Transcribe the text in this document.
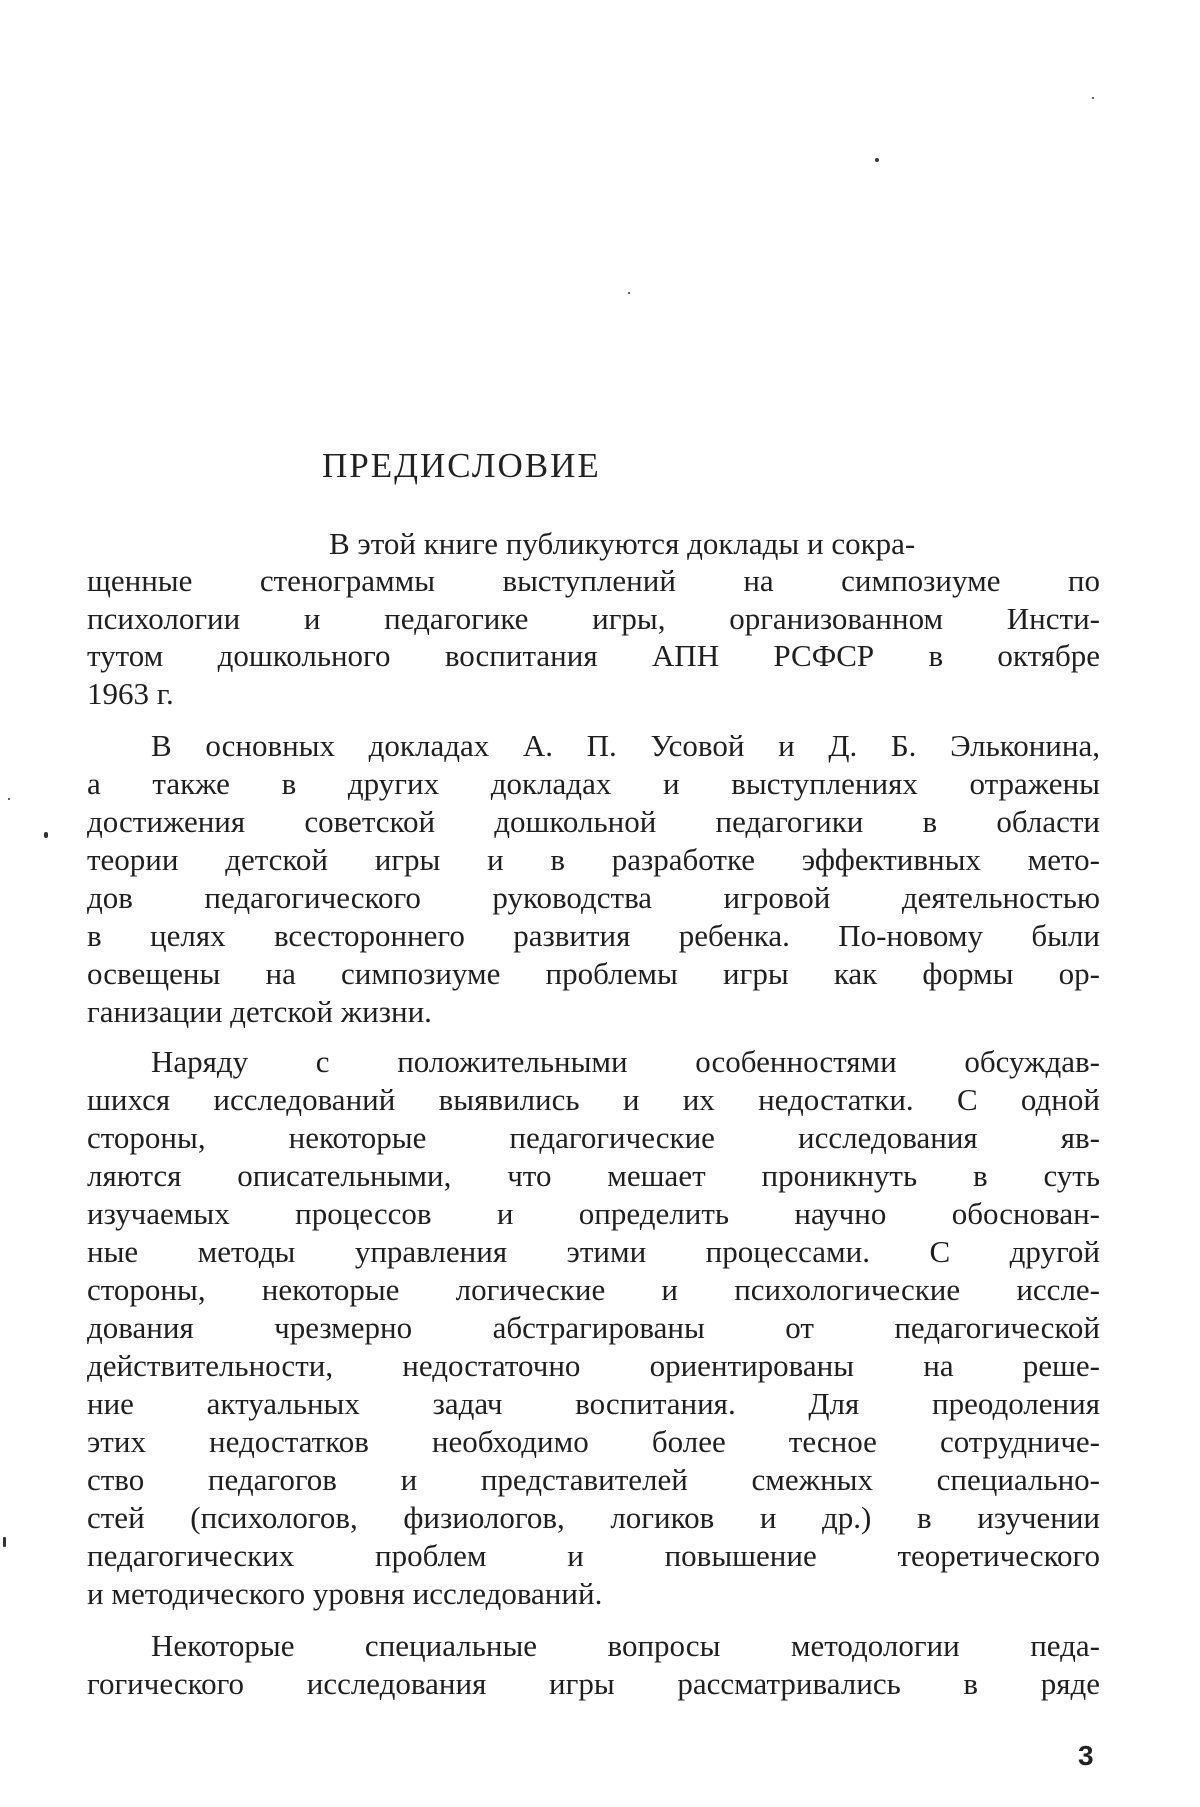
ПРЕДИСЛОВИЕ
В этой книге публикуются доклады и сокра-
щенные стенограммы выступлений на симпозиуме по
психологии и педагогике игры, организованном Инсти-
тутом дошкольного воспитания АПН РСФСР в октябре
1963 г.
В основных докладах А. П. Усовой и Д. Б. Эльконина,
а также в других докладах и выступлениях отражены
достижения советской дошкольной педагогики в области
теории детской игры и в разработке эффективных мето-
дов педагогического руководства игровой деятельностью
в целях всестороннего развития ребенка. По-новому были
освещены на симпозиуме проблемы игры как формы ор-
ганизации детской жизни.
Наряду с положительными особенностями обсуждав-
шихся исследований выявились и их недостатки. С одной
стороны, некоторые педагогические исследования яв-
ляются описательными, что мешает проникнуть в суть
изучаемых процессов и определить научно обоснован-
ные методы управления этими процессами. С другой
стороны, некоторые логические и психологические иссле-
дования чрезмерно абстрагированы от педагогической
действительности, недостаточно ориентированы на реше-
ние актуальных задач воспитания. Для преодоления
этих недостатков необходимо более тесное сотрудниче-
ство педагогов и представителей смежных специально-
стей (психологов, физиологов, логиков и др.) в изучении
педагогических проблем и повышение теоретического
и методического уровня исследований.
Некоторые специальные вопросы методологии педа-
гогического исследования игры рассматривались в ряде
3
